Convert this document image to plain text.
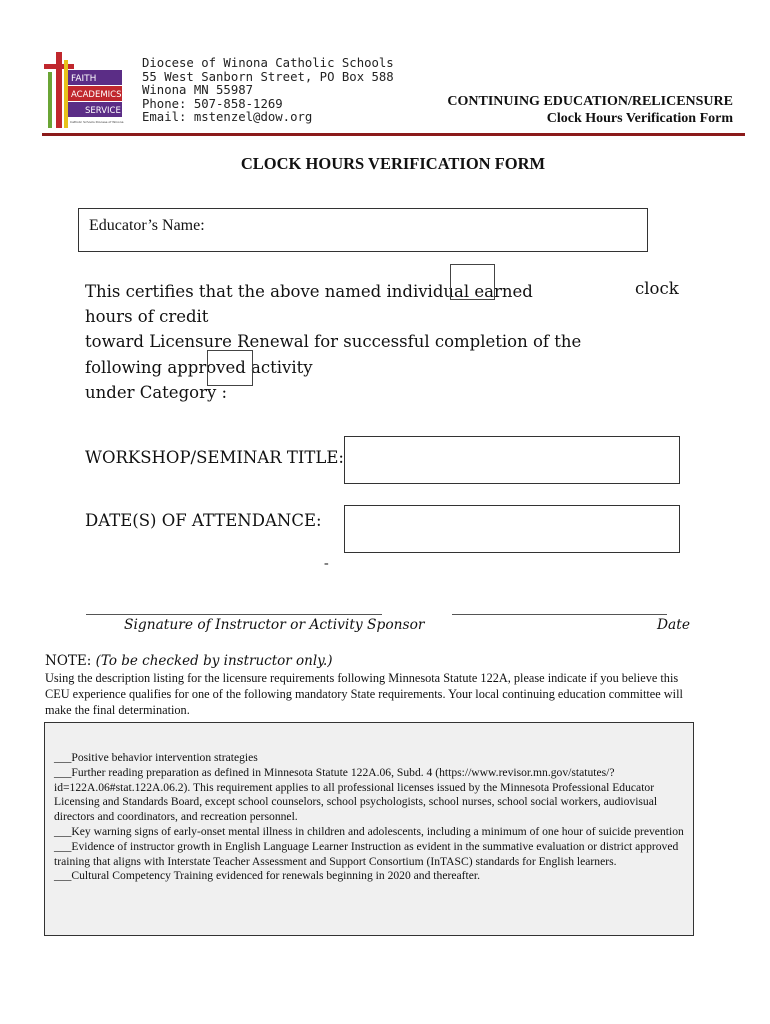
FAITH
ACADEMICS
SERVICE
Catholic Schools Diocese of Winona
Diocese of Winona Catholic Schools
55 West Sanborn Street, PO Box 588
Winona MN 55987
Phone: 507-858-1269
Email: mstenzel@dow.org
CONTINUING EDUCATION/RELICENSURE
Clock Hours Verification Form
CLOCK HOURS VERIFICATION FORM
Educator’s Name:
This certifies that the above named individual earned
hours of credit
toward Licensure Renewal for successful completion of the
following approved activity
under Category :
clock
WORKSHOP/SEMINAR TITLE:
DATE(S) OF ATTENDANCE:
-
Signature of Instructor or Activity Sponsor	Date
NOTE: (To be checked by instructor only.)
Using the description listing for the licensure requirements following Minnesota Statute 122A, please indicate if you believe this CEU experience qualifies for one of the following mandatory State requirements. Your local continuing education committee will make the final determination.
___Positive behavior intervention strategies
___Further reading preparation as defined in Minnesota Statute 122A.06, Subd. 4 (https://www.revisor.mn.gov/statutes/?id=122A.06#stat.122A.06.2). This requirement applies to all professional licenses issued by the Minnesota Professional Educator Licensing and Standards Board, except school counselors, school psychologists, school nurses, school social workers, audiovisual directors and coordinators, and recreation personnel.
___Key warning signs of early-onset mental illness in children and adolescents, including a minimum of one hour of suicide prevention
___Evidence of instructor growth in English Language Learner Instruction as evident in the summative evaluation or district approved training that aligns with Interstate Teacher Assessment and Support Consortium (InTASC) standards for English learners.
___Cultural Competency Training evidenced for renewals beginning in 2020 and thereafter.
